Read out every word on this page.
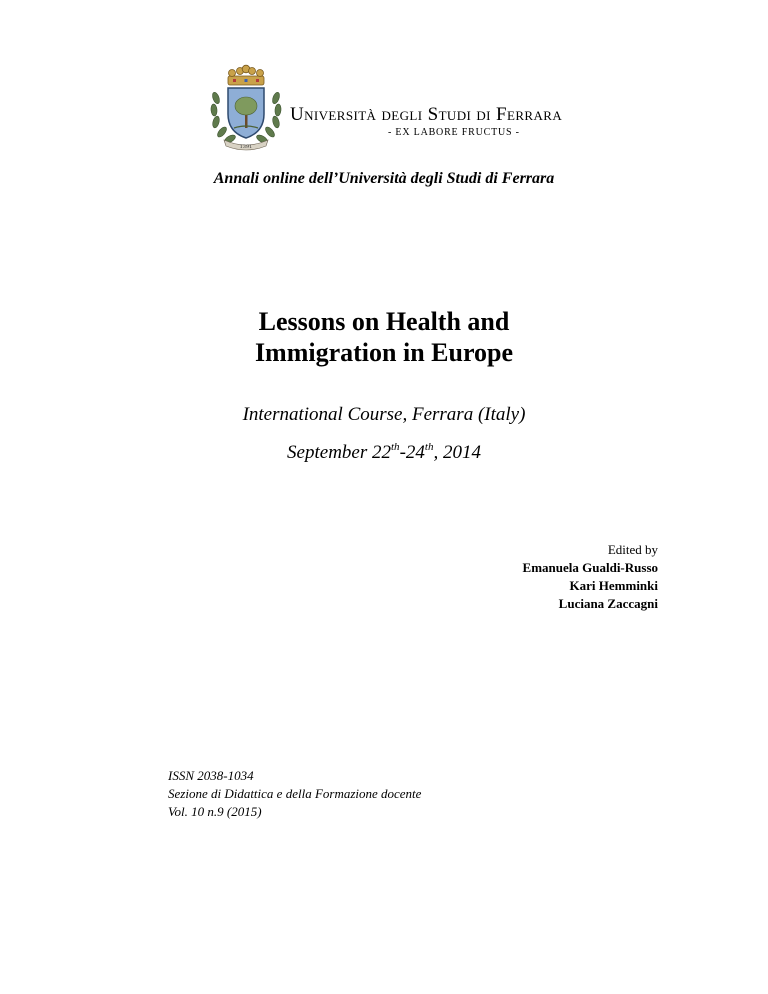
1391
Università degli Studi di Ferrara
- EX LABORE FRUCTUS -
Annali online dell’Università degli Studi di Ferrara
Lessons on Health and
Immigration in Europe
International Course, Ferrara (Italy)
September 22th-24th, 2014
Edited by
Emanuela Gualdi-Russo
Kari Hemminki
Luciana Zaccagni
ISSN 2038-1034
Sezione di Didattica e della Formazione docente
Vol. 10 n.9 (2015)
